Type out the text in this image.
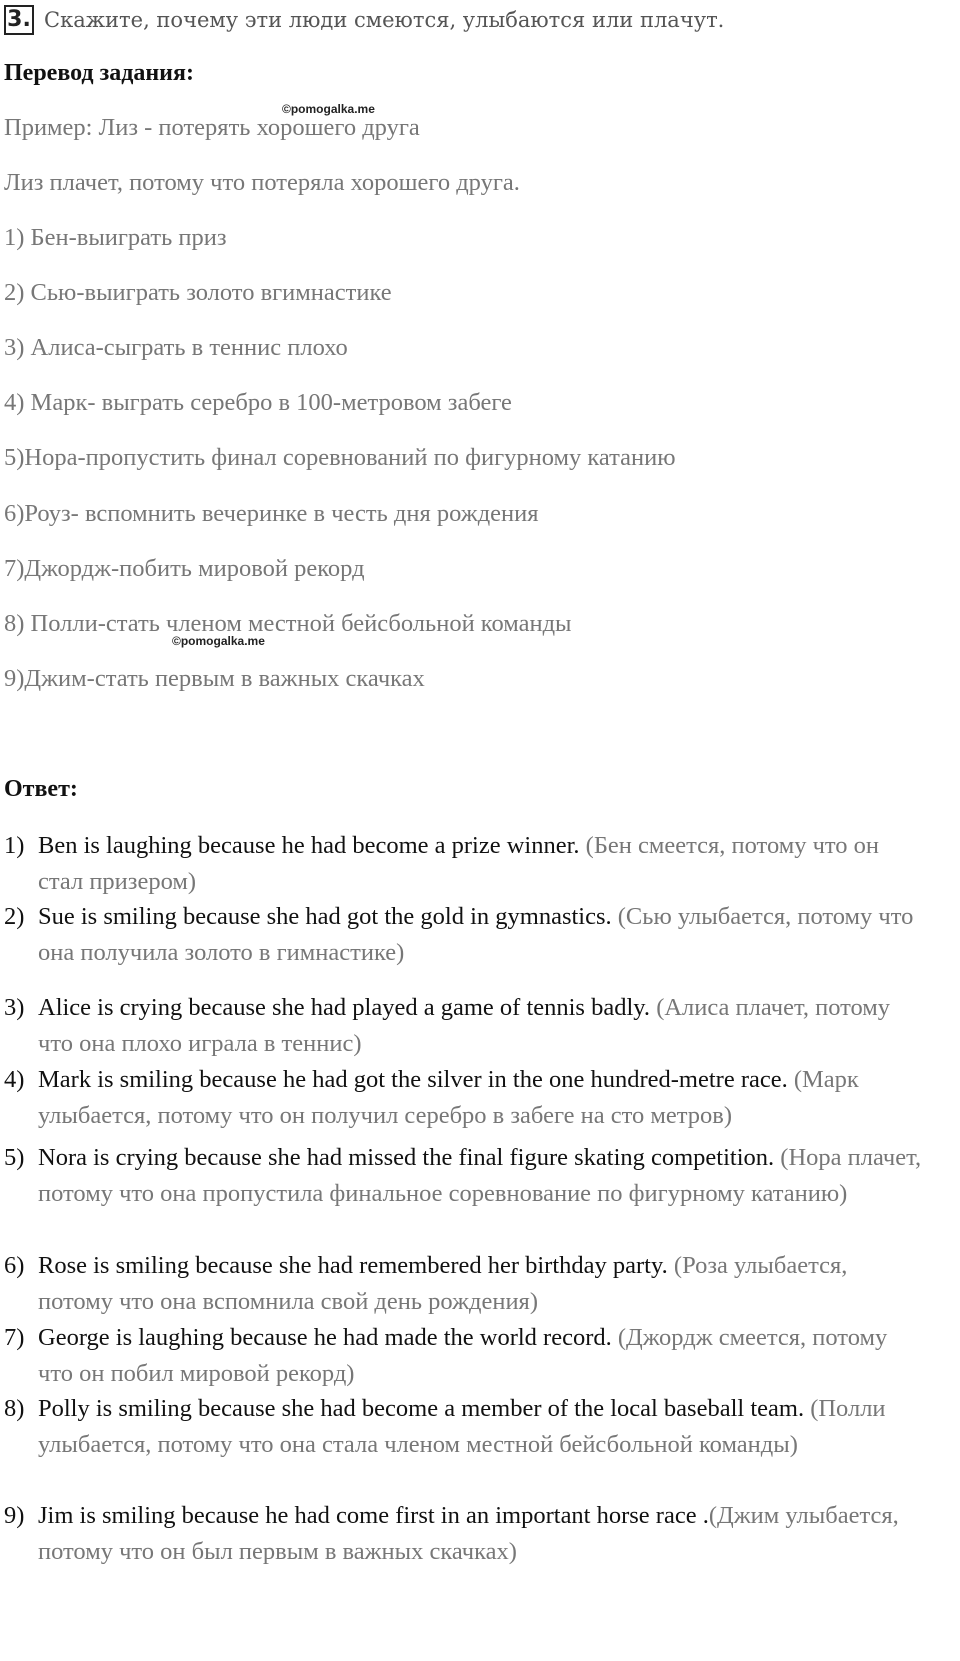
3. Скажите, почему эти люди смеются, улыбаются или плачут.
Перевод задания:
©pomogalka.me
Пример: Лиз - потерять хорошего друга
Лиз плачет, потому что потеряла хорошего друга.
1) Бен-выиграть приз
2) Сью-выиграть золото вгимнастике
3) Алиса-сыграть в теннис плохо
4) Марк- выграть серебро в 100-метровом забеге
5)Нора-пропустить финал соревнований по фигурному катанию
6)Роуз- вспомнить вечеринке в честь дня рождения
7)Джордж-побить мировой рекорд
8) Полли-стать членом местной бейсбольной команды
©pomogalka.me
9)Джим-стать первым в важных скачках
Ответ:
1) Ben is laughing because he had become a prize winner. (Бен смеется, потому что он стал призером)
2) Sue is smiling because she had got the gold in gymnastics. (Сью улыбается, потому что она получила золото в гимнастике)
3) Alice is crying because she had played a game of tennis badly. (Алиса плачет, потому что она плохо играла в теннис)
4) Mark is smiling because he had got the silver in the one hundred-metre race. (Марк улыбается, потому что он получил серебро в забеге на сто метров)
5) Nora is crying because she had missed the final figure skating competition. (Нора плачет, потому что она пропустила финальное соревнование по фигурному катанию)
6) Rose is smiling because she had remembered her birthday party. (Роза улыбается, потому что она вспомнила свой день рождения)
7) George is laughing because he had made the world record. (Джордж смеется, потому что он побил мировой рекорд)
8) Polly is smiling because she had become a member of the local baseball team. (Полли улыбается, потому что она стала членом местной бейсбольной команды)
9) Jim is smiling because he had come first in an important horse race .(Джим улыбается, потому что он был первым в важных скачках)
